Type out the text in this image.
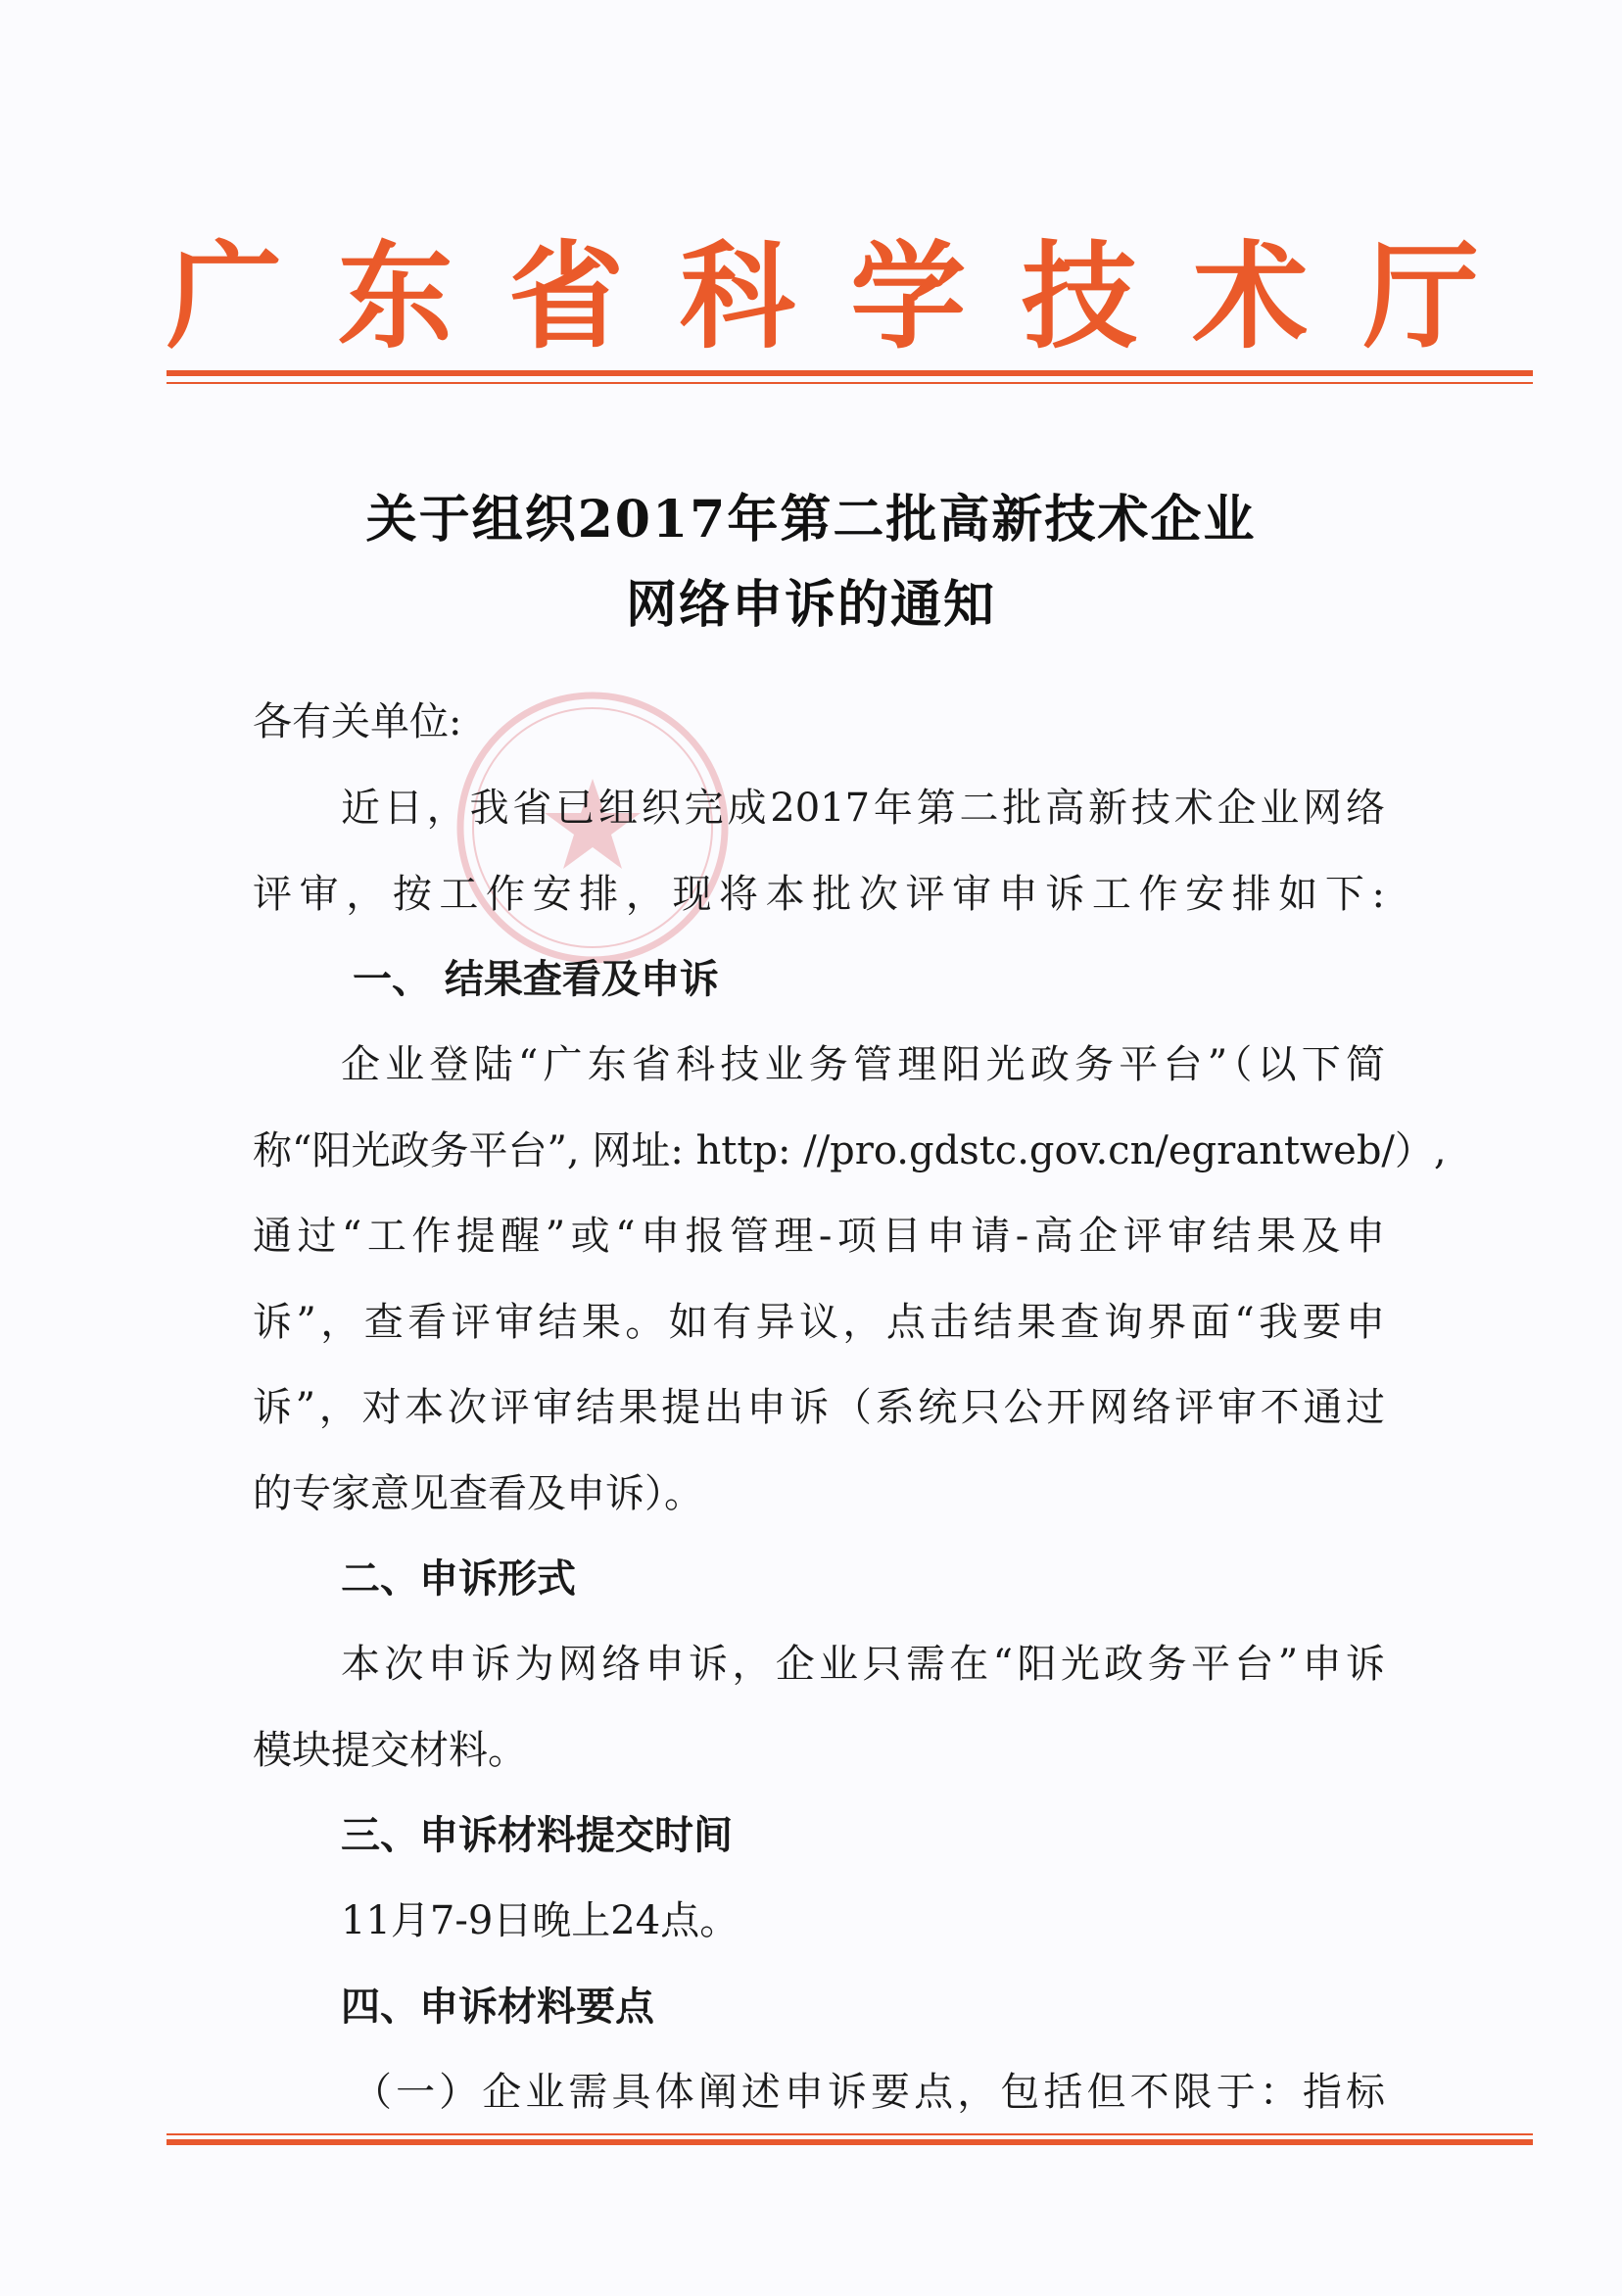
广 东 省 科 学 技 术 厅
关于组织2017年第二批高新技术企业
网络申诉的通知
各有关单位:
近日，我省已组织完成2017年第二批高新技术企业网络
评审，按工作安排，现将本批次评审申诉工作安排如下:
一、 结果查看及申诉
企业登陆“广东省科技业务管理阳光政务平台”（以下简
称“阳光政务平台”, 网址: http: //pro.gdstc.gov.cn/egrantweb/）,
通过“工作提醒”或“申报管理-项目申请-高企评审结果及申
诉”，查看评审结果。如有异议，点击结果查询界面“我要申
诉”，对本次评审结果提出申诉（系统只公开网络评审不通过
的专家意见查看及申诉）。
二、申诉形式
本次申诉为网络申诉，企业只需在“阳光政务平台”申诉
模块提交材料。
三、申诉材料提交时间
11月7-9日晚上24点。
四、申诉材料要点
（一）企业需具体阐述申诉要点，包括但不限于：指标
